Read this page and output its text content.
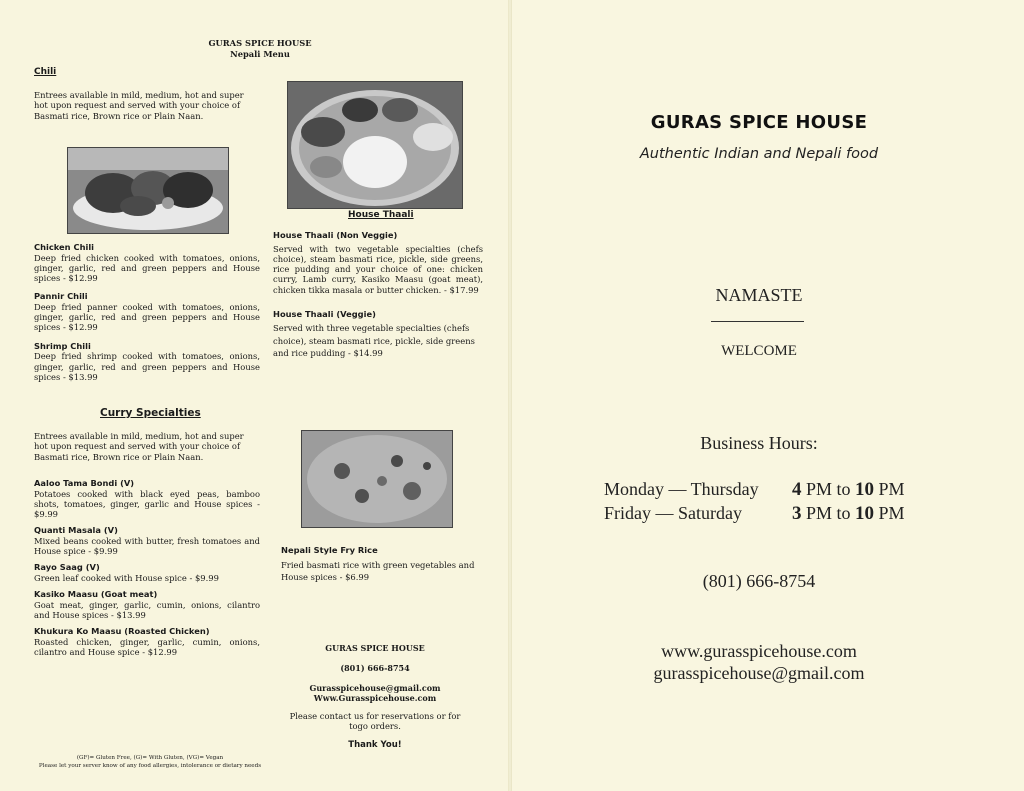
GURAS SPICE HOUSE
Nepali Menu
Chili
Entrees available in mild, medium, hot and super hot upon request and served with your choice of Basmati rice, Brown rice or Plain Naan.
Chicken Chili
Deep fried chicken cooked with tomatoes, onions, ginger, garlic, red and green peppers and House spices - $12.99
Pannir Chili
Deep fried panner cooked with tomatoes, onions, ginger, garlic, red and green peppers and House spices - $12.99
Shrimp Chili
Deep fried shrimp cooked with tomatoes, onions, ginger, garlic, red and green peppers and House spices - $13.99
House Thaali
House Thaali (Non Veggie)
Served with two vegetable specialties (chefs choice), steam basmati rice, pickle, side greens, rice pudding and your choice of one: chicken curry, Lamb curry, Kasiko Maasu (goat meat), chicken tikka masala or butter chicken. - $17.99
House Thaali (Veggie)
Served with three vegetable specialties (chefs choice), steam basmati rice, pickle, side greens and rice pudding - $14.99
Curry Specialties
Entrees available in mild, medium, hot and super hot upon request and served with your choice of Basmati rice, Brown rice or Plain Naan.
Aaloo Tama Bondi (V)
Potatoes cooked with black eyed peas, bamboo shots, tomatoes, ginger, garlic and House spices - $9.99
Quanti Masala (V)
Mixed beans cooked with butter, fresh tomatoes and House spice - $9.99
Rayo Saag (V)
Green leaf cooked with House spice - $9.99
Kasiko Maasu (Goat meat)
Goat meat, ginger, garlic, cumin, onions, cilantro and House spices - $13.99
Khukura Ko Maasu (Roasted Chicken)
Roasted chicken, ginger, garlic, cumin, onions, cilantro and House spice - $12.99
Nepali Style Fry Rice
Fried basmati rice with green vegetables and House spices - $6.99
GURAS SPICE HOUSE
(801) 666-8754
Gurasspicehouse@gmail.com
Www.Gurasspicehouse.com
Please contact us for reservations or for togo orders.
Thank You!
(GF)= Gluten Free, (G)= With Gluten, (VG)= Vegan
Please let your server know of any food allergies, intolerance or dietary needs
GURAS SPICE HOUSE
Authentic Indian and Nepali food
NAMASTE
WELCOME
Business Hours:
Monday — Thursday 4 PM to 10 PM
Friday — Saturday	3 PM to 10 PM
(801) 666-8754
www.gurasspicehouse.com
gurasspicehouse@gmail.com
